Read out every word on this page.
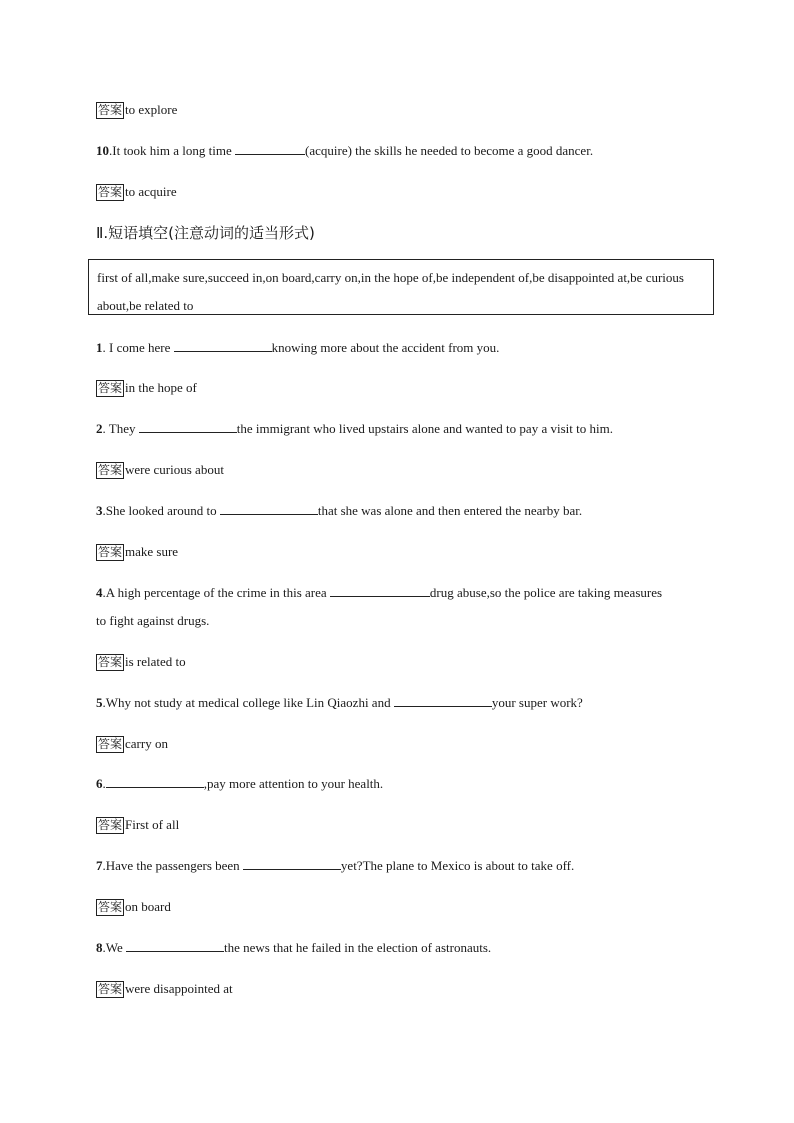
答案 to explore
10.It took him a long time	(acquire) the skills he needed to become a good dancer.
答案 to acquire
Ⅱ.短语填空(注意动词的适当形式)
first of all,make sure,succeed in,on board,carry on,in the hope of,be independent of,be disappointed at,be curious about,be related to
1. I come here	knowing more about the accident from you.
答案 in the hope of
2. They	the immigrant who lived upstairs alone and wanted to pay a visit to him.
答案 were curious about
3.She looked around to	that she was alone and then entered the nearby bar.
答案 make sure
4.A high percentage of the crime in this area	drug abuse,so the police are taking measures
to fight against drugs.
答案 is related to
5.Why not study at medical college like Lin Qiaozhi and	your super work?
答案 carry on
6.	,pay more attention to your health.
答案 First of all
7.Have the passengers been	yet?The plane to Mexico is about to take off.
答案 on board
8.We	the news that he failed in the election of astronauts.
答案 were disappointed at
